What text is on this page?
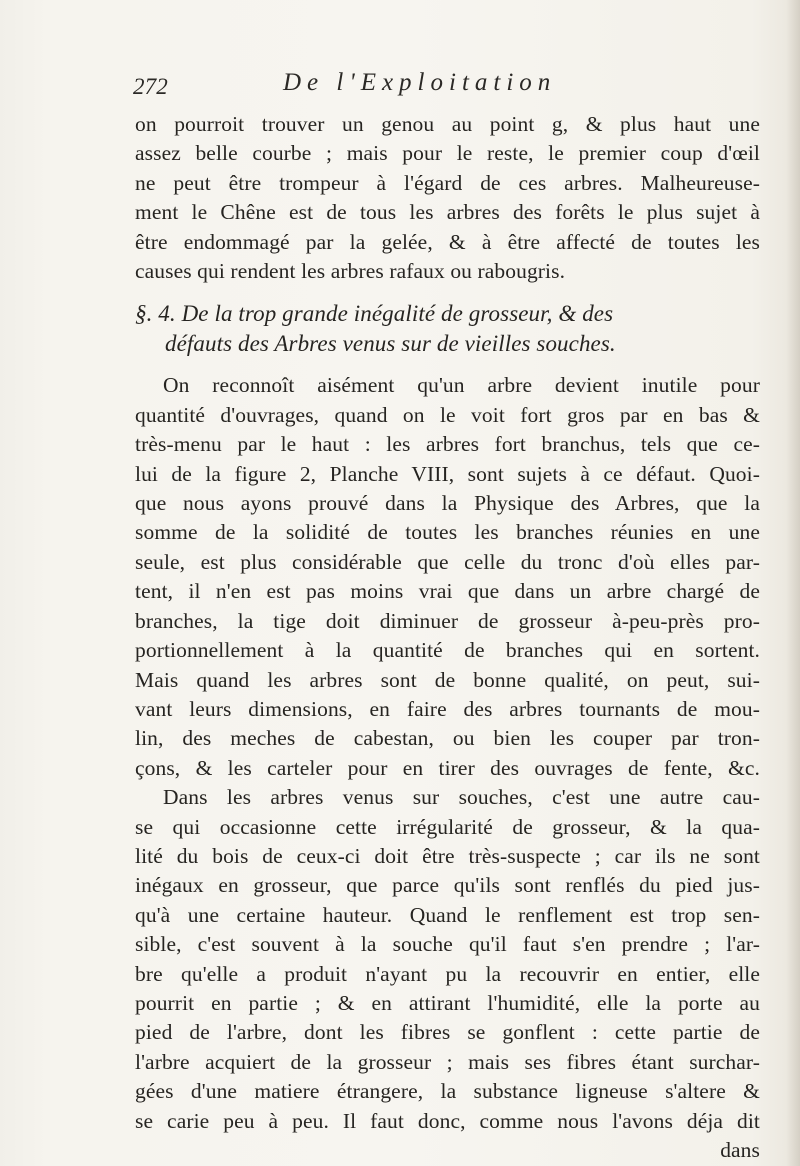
272	De l'Exploitation
on pourroit trouver un genou au point g, & plus haut une
assez belle courbe ; mais pour le reste, le premier coup d'œil
ne peut être trompeur à l'égard de ces arbres. Malheureuse-
ment le Chêne est de tous les arbres des forêts le plus sujet à
être endommagé par la gelée, & à être affecté de toutes les
causes qui rendent les arbres rafaux ou rabougris.
§. 4. De la trop grande inégalité de grosseur, & des
défauts des Arbres venus sur de vieilles souches.
On reconnoît aisément qu'un arbre devient inutile pour
quantité d'ouvrages, quand on le voit fort gros par en bas &
très-menu par le haut : les arbres fort branchus, tels que ce-
lui de la figure 2, Planche VIII, sont sujets à ce défaut. Quoi-
que nous ayons prouvé dans la Physique des Arbres, que la
somme de la solidité de toutes les branches réunies en une
seule, est plus considérable que celle du tronc d'où elles par-
tent, il n'en est pas moins vrai que dans un arbre chargé de
branches, la tige doit diminuer de grosseur à-peu-près pro-
portionnellement à la quantité de branches qui en sortent.
Mais quand les arbres sont de bonne qualité, on peut, sui-
vant leurs dimensions, en faire des arbres tournants de mou-
lin, des meches de cabestan, ou bien les couper par tron-
çons, & les carteler pour en tirer des ouvrages de fente, &c.
Dans les arbres venus sur souches, c'est une autre cau-
se qui occasionne cette irrégularité de grosseur, & la qua-
lité du bois de ceux-ci doit être très-suspecte ; car ils ne sont
inégaux en grosseur, que parce qu'ils sont renflés du pied jus-
qu'à une certaine hauteur. Quand le renflement est trop sen-
sible, c'est souvent à la souche qu'il faut s'en prendre ; l'ar-
bre qu'elle a produit n'ayant pu la recouvrir en entier, elle
pourrit en partie ; & en attirant l'humidité, elle la porte au
pied de l'arbre, dont les fibres se gonflent : cette partie de
l'arbre acquiert de la grosseur ; mais ses fibres étant surchar-
gées d'une matiere étrangere, la substance ligneuse s'altere &
se carie peu à peu. Il faut donc, comme nous l'avons déja dit
dans
